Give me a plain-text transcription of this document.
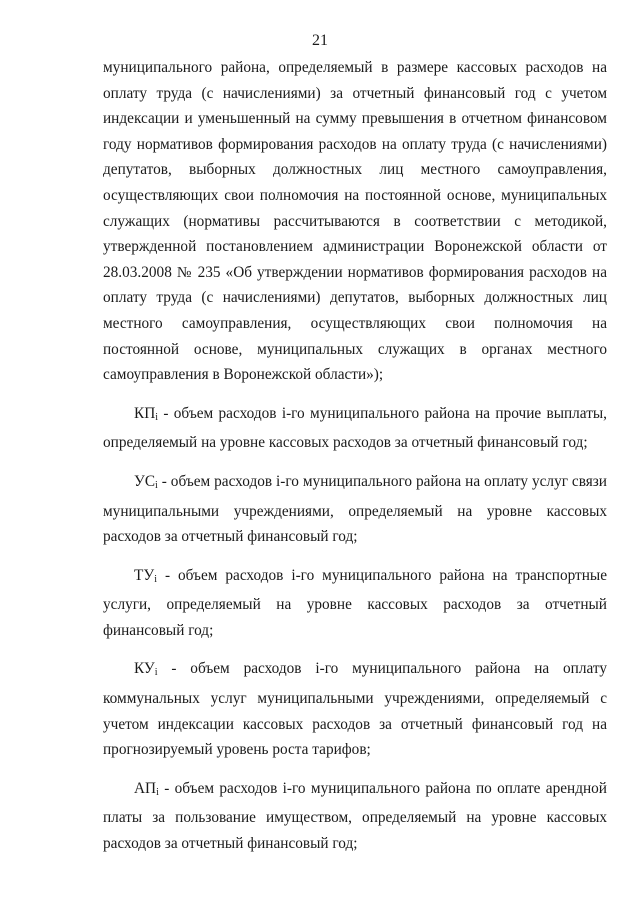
21

муниципального района, определяемый в размере кассовых расходов на оплату труда (с начислениями) за отчетный финансовый год с учетом индексации и уменьшенный на сумму превышения в отчетном финансовом году нормативов формирования расходов на оплату труда (с начислениями) депутатов, выборных должностных лиц местного самоуправления, осуществляющих свои полномочия на постоянной основе, муниципальных служащих (нормативы рассчитываются в соответствии с методикой, утвержденной постановлением администрации Воронежской области от 28.03.2008 № 235 «Об утверждении нормативов формирования расходов на оплату труда (с начислениями) депутатов, выборных должностных лиц местного самоуправления, осуществляющих свои полномочия на постоянной основе, муниципальных служащих в органах местного самоуправления в Воронежской области»);

$КП_i$ - объем расходов i-го муниципального района на прочие выплаты, определяемый на уровне кассовых расходов за отчетный финансовый год;

$УС_i$ - объем расходов i-го муниципального района на оплату услуг связи муниципальными учреждениями, определяемый на уровне кассовых расходов за отчетный финансовый год;

$ТУ_i$ - объем расходов i-го муниципального района на транспортные услуги, определяемый на уровне кассовых расходов за отчетный финансовый год;

$КУ_i$ - объем расходов i-го муниципального района на оплату коммунальных услуг муниципальными учреждениями, определяемый с учетом индексации кассовых расходов за отчетный финансовый год на прогнозируемый уровень роста тарифов;

$АП_i$ - объем расходов i-го муниципального района по оплате арендной платы за пользование имуществом, определяемый на уровне кассовых расходов за отчетный финансовый год;
